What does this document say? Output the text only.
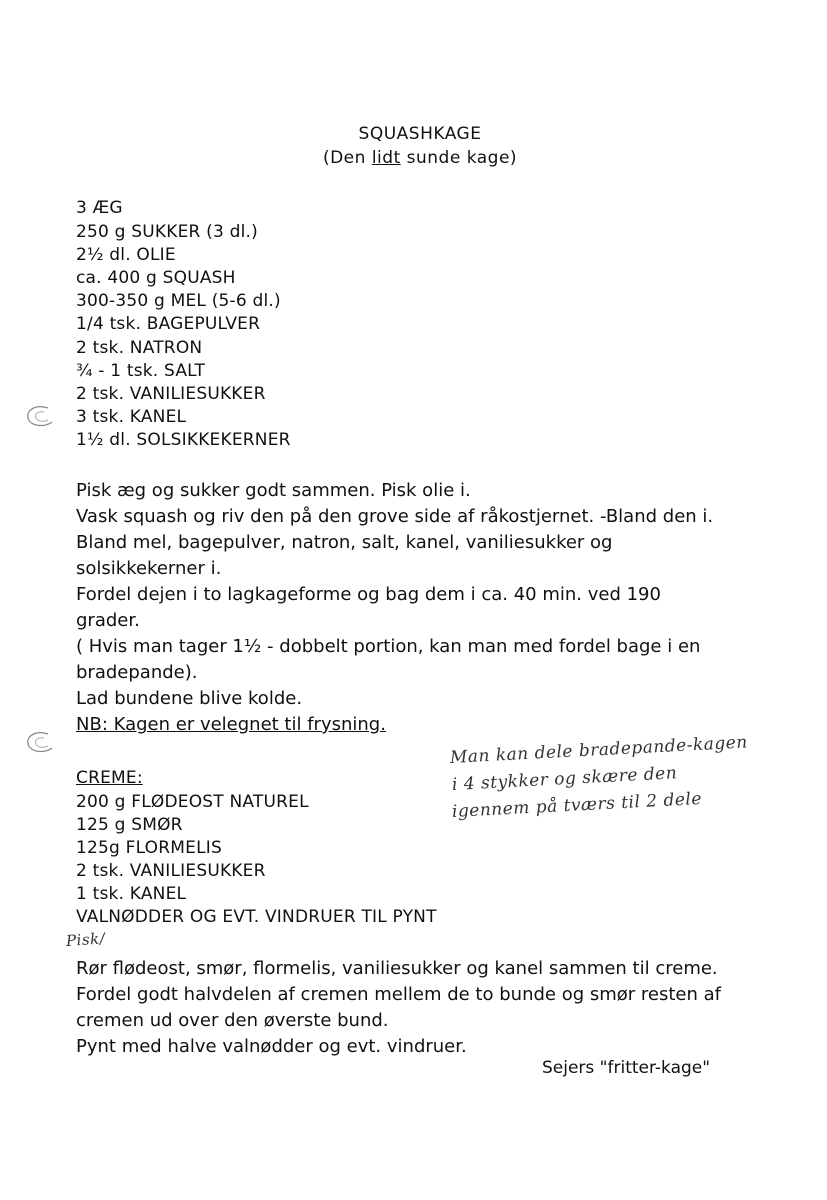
SQUASHKAGE
(Den lidt sunde kage)
3 ÆG
250 g SUKKER (3 dl.)
2½ dl. OLIE
ca. 400 g SQUASH
300-350 g MEL (5-6 dl.)
1/4 tsk. BAGEPULVER
2 tsk. NATRON
¾ - 1 tsk. SALT
2 tsk. VANILIESUKKER
3 tsk. KANEL
1½ dl. SOLSIKKEKERNER
Pisk æg og sukker godt sammen. Pisk olie i.
Vask squash og riv den på den grove side af råkostjernet. -Bland den i.
Bland mel, bagepulver, natron, salt, kanel, vaniliesukker og
solsikkekerner i.
Fordel dejen i to lagkageforme og bag dem i ca. 40 min. ved 190
grader.
( Hvis man tager 1½ - dobbelt portion, kan man med fordel bage i en
bradepande).
Lad bundene blive kolde.
NB: Kagen er velegnet til frysning.
Man kan dele bradepande-kagen
i 4 stykker og skære den
igennem på tværs til 2 dele
CREME:
200 g FLØDEOST NATUREL
125 g SMØR
125g FLORMELIS
2 tsk. VANILIESUKKER
1 tsk. KANEL
VALNØDDER OG EVT. VINDRUER TIL PYNT
Pisk/
Rør flødeost, smør, flormelis, vaniliesukker og kanel sammen til creme.
Fordel godt halvdelen af cremen mellem de to bunde og smør resten af
cremen ud over den øverste bund.
Pynt med halve valnødder og evt. vindruer.
Sejers "fritter-kage"
